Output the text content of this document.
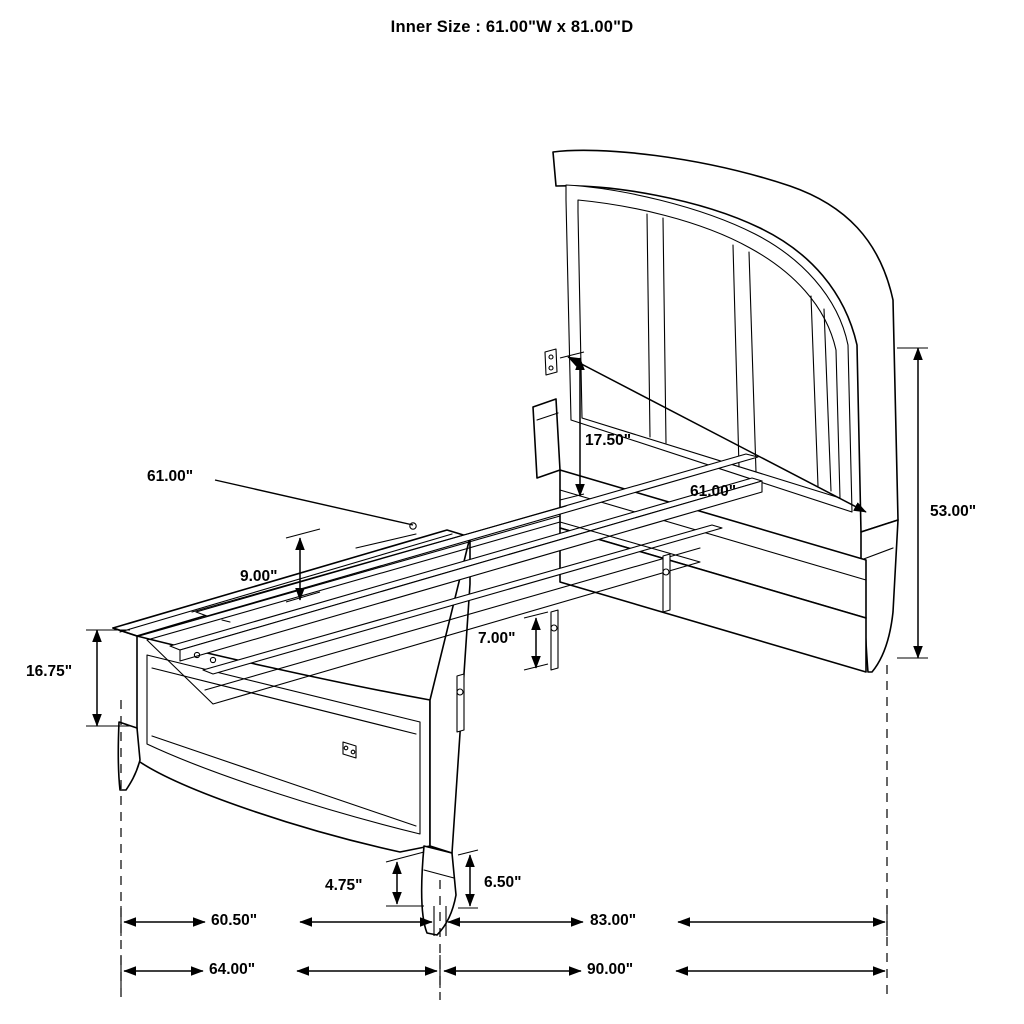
Inner Size : 61.00"W x 81.00"D
61.00"
61.00"
17.50"
53.00"
9.00"
7.00"
16.75"
4.75"	6.50"
60.50"	83.00"
64.00"	90.00"
